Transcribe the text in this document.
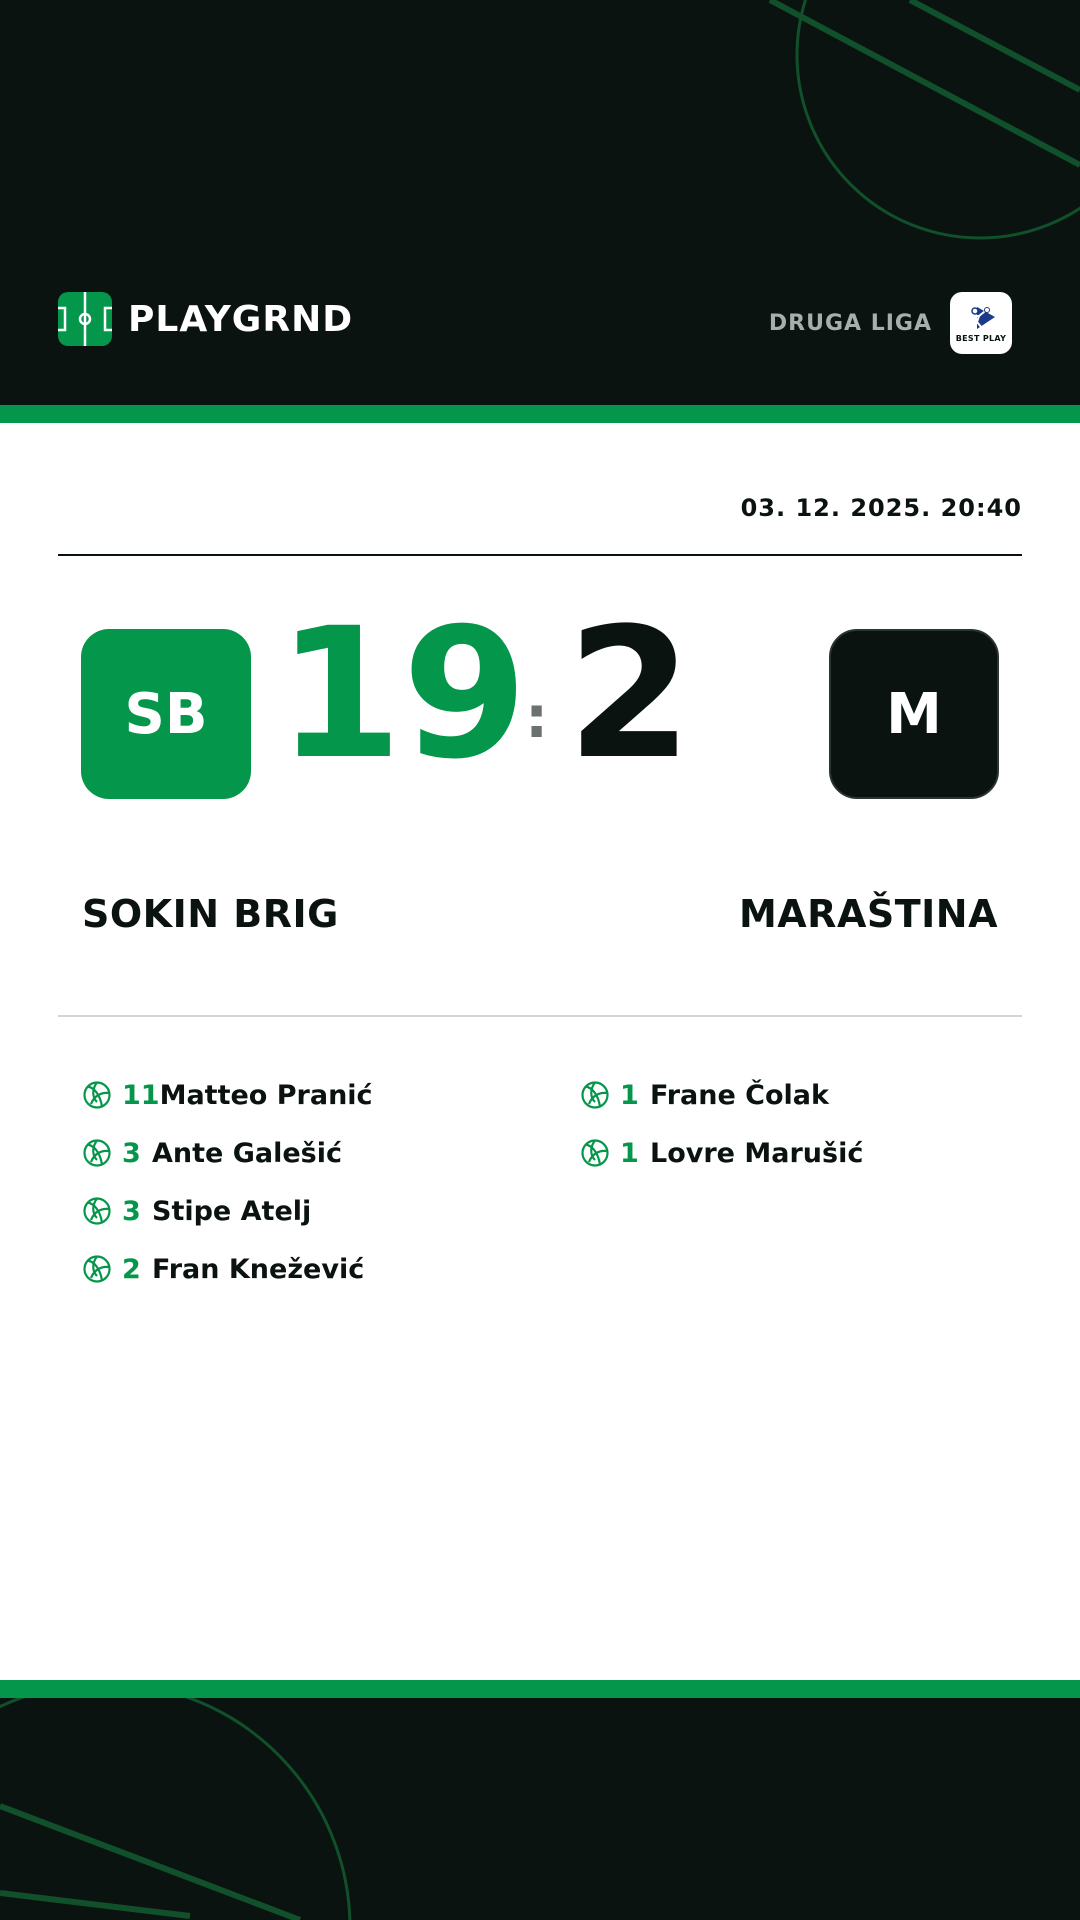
PLAYGRND	DRUGA LIGA
BEST PLAY
03. 12. 2025. 20:40
SB 19
: 2	M
SOKIN BRIG	MARAŠTINA
11 Matteo Pranić
3 Ante Galešić
3 Stipe Atelj
2 Fran Knežević
1 Frane Čolak
1 Lovre Marušić
